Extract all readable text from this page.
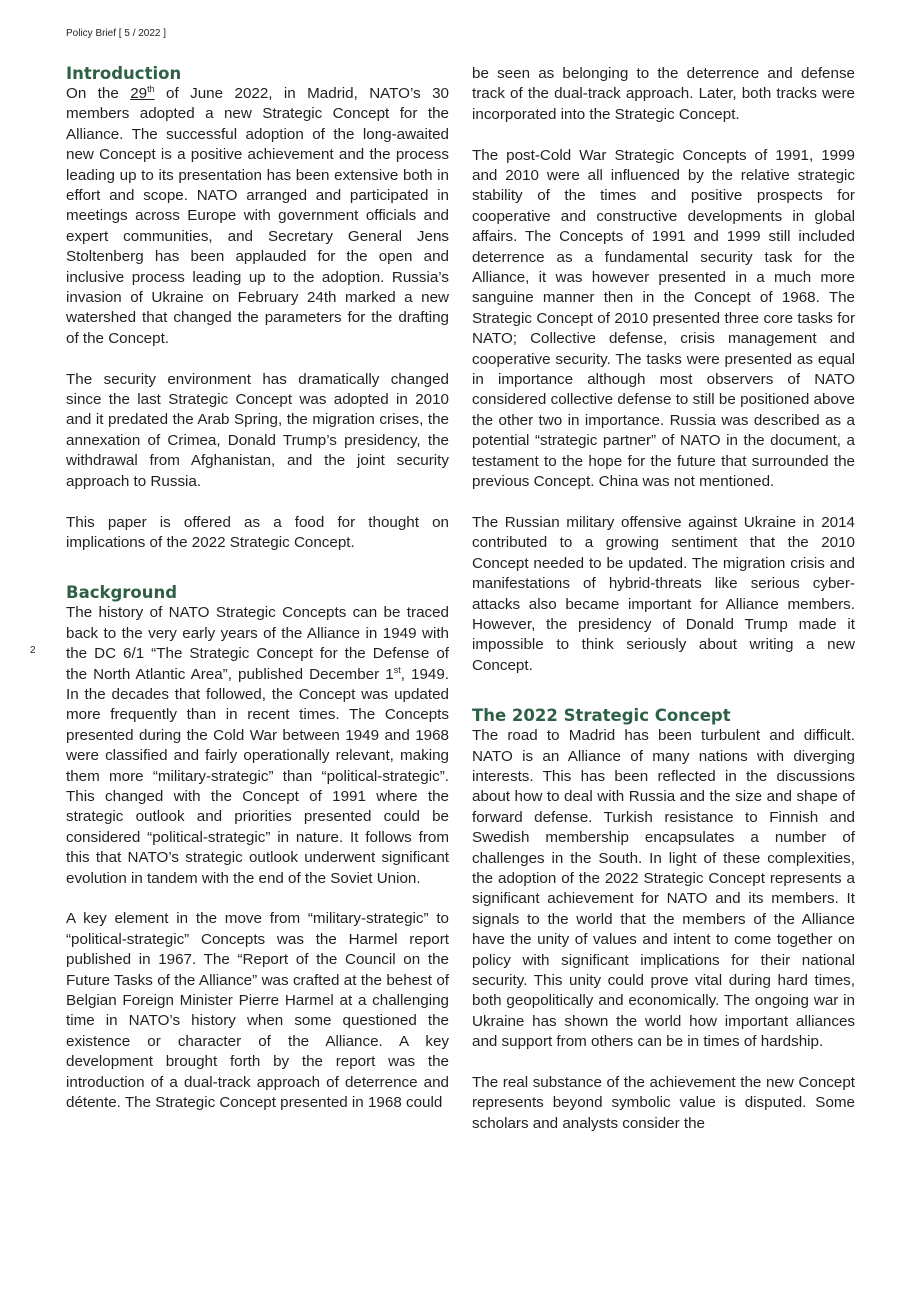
Policy Brief [ 5 / 2022 ]
2
Introduction

On the 29th of June 2022, in Madrid, NATO’s 30 members adopted a new Strategic Concept for the Alliance. The successful adoption of the long-awaited new Concept is a positive achievement and the process leading up to its presentation has been extensive both in effort and scope. NATO arranged and participated in meetings across Europe with government officials and expert communities, and Secretary General Jens Stoltenberg has been applauded for the open and inclusive process leading up to the adoption. Russia’s invasion of Ukraine on February 24th marked a new watershed that changed the parameters for the drafting of the Concept.

The security environment has dramatically changed since the last Strategic Concept was adopted in 2010 and it predated the Arab Spring, the migration crises, the annexation of Crimea, Donald Trump’s presidency, the withdrawal from Afghanistan, and the joint security approach to Russia.

This paper is offered as a food for thought on implications of the 2022 Strategic Concept.

Background

The history of NATO Strategic Concepts can be traced back to the very early years of the Alliance in 1949 with the DC 6/1 “The Strategic Concept for the Defense of the North Atlantic Area”, published December 1st, 1949. In the decades that followed, the Concept was updated more frequently than in recent times. The Concepts presented during the Cold War between 1949 and 1968 were classified and fairly operationally relevant, making them more “military-strategic” than “political-strategic”. This changed with the Concept of 1991 where the strategic outlook and priorities presented could be considered “political-strategic” in nature. It follows from this that NATO’s strategic outlook underwent significant evolution in tandem with the end of the Soviet Union.

A key element in the move from “military-strategic” to “political-strategic” Concepts was the Harmel report published in 1967. The “Report of the Council on the Future Tasks of the Alliance” was crafted at the behest of Belgian Foreign Minister Pierre Harmel at a challenging time in NATO’s history when some questioned the existence or character of the Alliance. A key development brought forth by the report was the introduction of a dual-track approach of deterrence and détente. The Strategic Concept presented in 1968 could

be seen as belonging to the deterrence and defense track of the dual-track approach. Later, both tracks were incorporated into the Strategic Concept.

The post-Cold War Strategic Concepts of 1991, 1999 and 2010 were all influenced by the relative strategic stability of the times and positive prospects for cooperative and constructive developments in global affairs. The Concepts of 1991 and 1999 still included deterrence as a fundamental security task for the Alliance, it was however presented in a much more sanguine manner then in the Concept of 1968. The Strategic Concept of 2010 presented three core tasks for NATO; Collective defense, crisis management and cooperative security. The tasks were presented as equal in importance although most observers of NATO considered collective defense to still be positioned above the other two in importance. Russia was described as a potential “strategic partner” of NATO in the document, a testament to the hope for the future that surrounded the previous Concept. China was not mentioned.

The Russian military offensive against Ukraine in 2014 contributed to a growing sentiment that the 2010 Concept needed to be updated. The migration crisis and manifestations of hybrid-threats like serious cyber-attacks also became important for Alliance members. However, the presidency of Donald Trump made it impossible to think seriously about writing a new Concept.

The 2022 Strategic Concept

The road to Madrid has been turbulent and difficult. NATO is an Alliance of many nations with diverging interests. This has been reflected in the discussions about how to deal with Russia and the size and shape of forward defense. Turkish resistance to Finnish and Swedish membership encapsulates a number of challenges in the South. In light of these complexities, the adoption of the 2022 Strategic Concept represents a significant achievement for NATO and its members. It signals to the world that the members of the Alliance have the unity of values and intent to come together on policy with significant implications for their national security. This unity could prove vital during hard times, both geopolitically and economically. The ongoing war in Ukraine has shown the world how important alliances and support from others can be in times of hardship.

The real substance of the achievement the new Concept represents beyond symbolic value is disputed. Some scholars and analysts consider the
